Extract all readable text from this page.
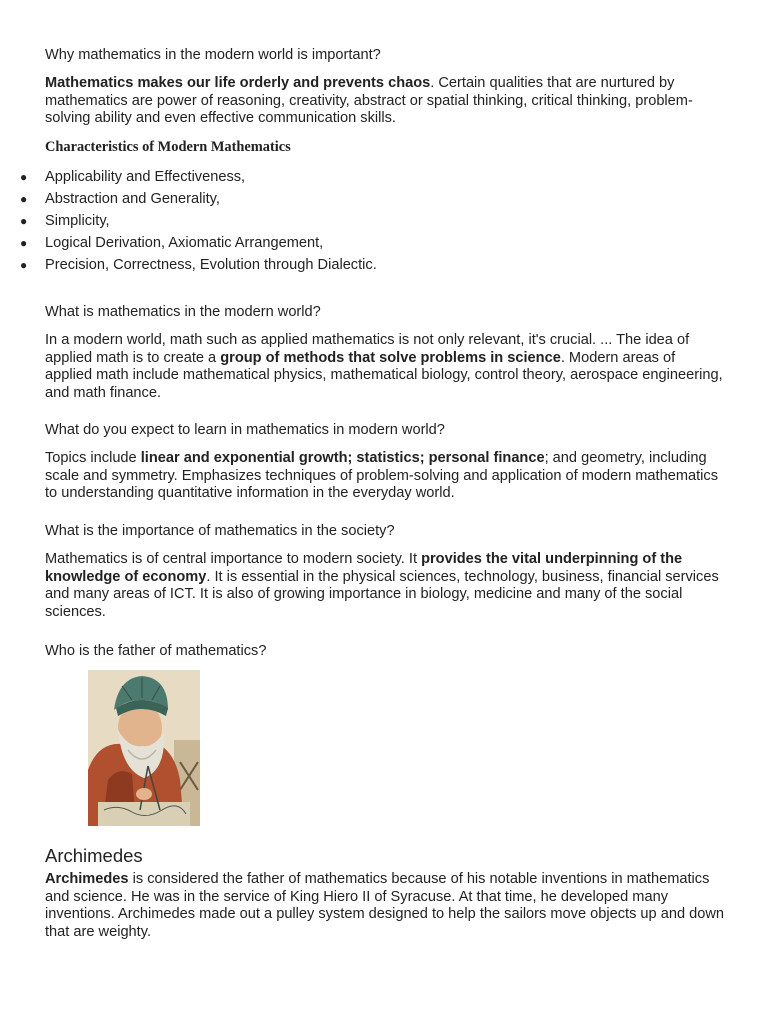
Why mathematics in the modern world is important?

Mathematics makes our life orderly and prevents chaos. Certain qualities that are nurtured by mathematics are power of reasoning, creativity, abstract or spatial thinking, critical thinking, problem-solving ability and even effective communication skills.

Characteristics of Modern Mathematics

● Applicability and Effectiveness,
● Abstraction and Generality,
● Simplicity,
● Logical Derivation, Axiomatic Arrangement,
● Precision, Correctness, Evolution through Dialectic.

What is mathematics in the modern world?

In a modern world, math such as applied mathematics is not only relevant, it's crucial. ... The idea of applied math is to create a group of methods that solve problems in science. Modern areas of applied math include mathematical physics, mathematical biology, control theory, aerospace engineering, and math finance.

What do you expect to learn in mathematics in modern world?

Topics include linear and exponential growth; statistics; personal finance; and geometry, including scale and symmetry. Emphasizes techniques of problem-solving and application of modern mathematics to understanding quantitative information in the everyday world.

What is the importance of mathematics in the society?

Mathematics is of central importance to modern society. It provides the vital underpinning of the knowledge of economy. It is essential in the physical sciences, technology, business, financial services and many areas of ICT. It is also of growing importance in biology, medicine and many of the social sciences.

Who is the father of mathematics?

Archimedes

Archimedes is considered the father of mathematics because of his notable inventions in mathematics and science. He was in the service of King Hiero II of Syracuse. At that time, he developed many inventions. Archimedes made out a pulley system designed to help the sailors move objects up and down that are weighty.
